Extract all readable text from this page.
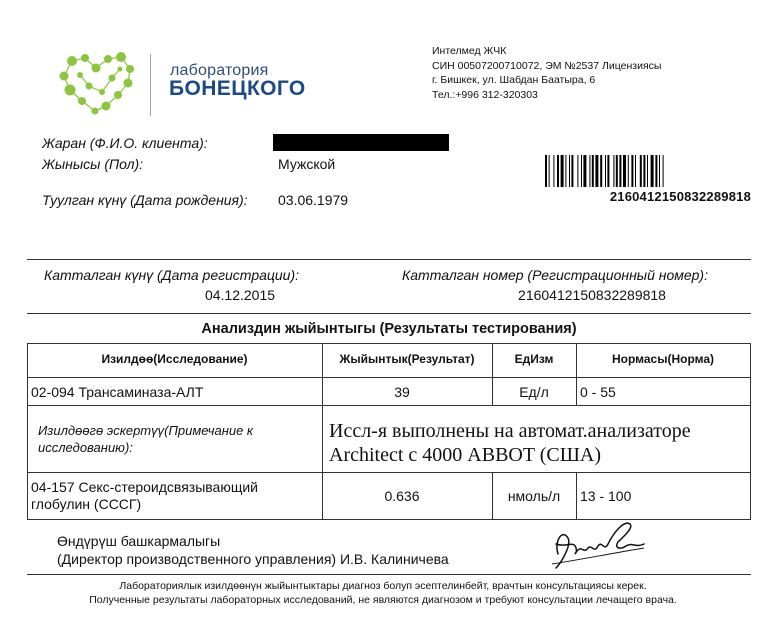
лаборатория
БОНЕЦКОГО
Интелмед ЖЧК
СИН 00507200710072, ЭМ №2537 Лицензиясы
г. Бишкек, ул. Шабдан Баатыра, 6
Тел.:+996 312-320303
Жаран (Ф.И.О. клиента):
Жынысы (Пол):	Мужской
Туулган күнү (Дата рождения): 03.06.1979	2160412150832289818
Катталган күнү (Дата регистрации):
04.12.2015
Катталган номер (Регистрационный номер):
2160412150832289818
Анализдин жыйынтыгы (Результаты тестирования)
Изилдөө(Исследование)	Жыйынтык(Результат)	ЕдИзм	Нормасы(Норма)
02-094 Трансаминаза-АЛТ	39	Ед/л	0 - 55
Изилдөөгө эскертүү(Примечание к
исследованию):
Иссл-я выполнены на автомат.анализаторе
Architect с 4000 ABBOT (США)
04-157 Секс-стероидсвязывающий
глобулин (СССГ)	0.636	нмоль/л	13 - 100
Өндүрүш башкармалыгы
(Директор производственного управления) И.В. Калиничева
Лабораториялык изилдөөнүн жыйынтыктары диагноз болуп эсептелинбейт, врачтын консультациясы керек.
Полученные результаты лабораторных исследований, не являются диагнозом и требуют консультации лечащего врача.
